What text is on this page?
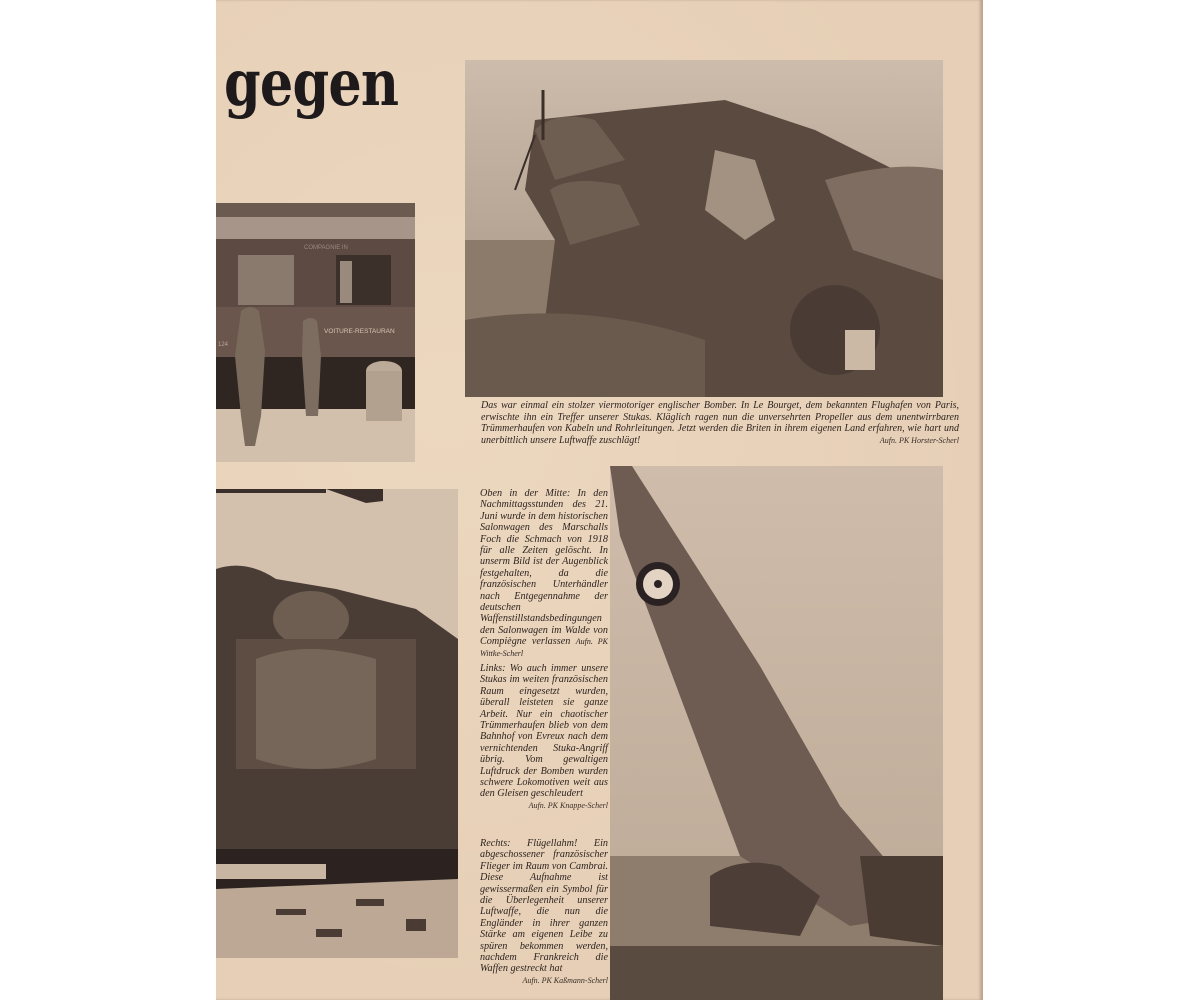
gegen
VOITURE-RESTAURAN
COMPAGNIE IN
124
Das war einmal ein stolzer viermotoriger englischer Bomber. In Le Bourget, dem bekannten Flughafen von Paris, erwischte ihn ein Treffer unserer Stukas. Kläglich ragen nun die unversehrten Propeller aus dem unentwirrbaren Trümmerhaufen von Kabeln und Rohrleitungen. Jetzt werden die Briten in ihrem eigenen Land erfahren, wie hart und unerbittlich unsere Luftwaffe zuschlägt!	Aufn. PK Horster-Scherl
Oben in der Mitte: In den Nachmittagsstunden des 21. Juni wurde in dem historischen Salonwagen des Marschalls Foch die Schmach von 1918 für alle Zeiten gelöscht. In unserm Bild ist der Augenblick festgehalten, da die französischen Unterhändler nach Entgegennahme der deutschen Waffenstillstandsbedingungen den Salonwagen im Walde von Compiègne verlassen Aufn. PK Wittke-Scherl
Links: Wo auch immer unsere Stukas im weiten französischen Raum eingesetzt wurden, überall leisteten sie ganze Arbeit. Nur ein chaotischer Trümmerhaufen blieb von dem Bahnhof von Evreux nach dem vernichtenden Stuka-Angriff übrig. Vom gewaltigen Luftdruck der Bomben wurden schwere Lokomotiven weit aus den Gleisen geschleudert
Aufn. PK Knappe-Scherl
Rechts: Flügellahm! Ein abgeschossener französischer Flieger im Raum von Cambrai. Diese Aufnahme ist gewissermaßen ein Symbol für die Überlegenheit unserer Luftwaffe, die nun die Engländer in ihrer ganzen Stärke am eigenen Leibe zu spüren bekommen werden, nachdem Frankreich die Waffen gestreckt hat
Aufn. PK Kaßmann-Scherl
